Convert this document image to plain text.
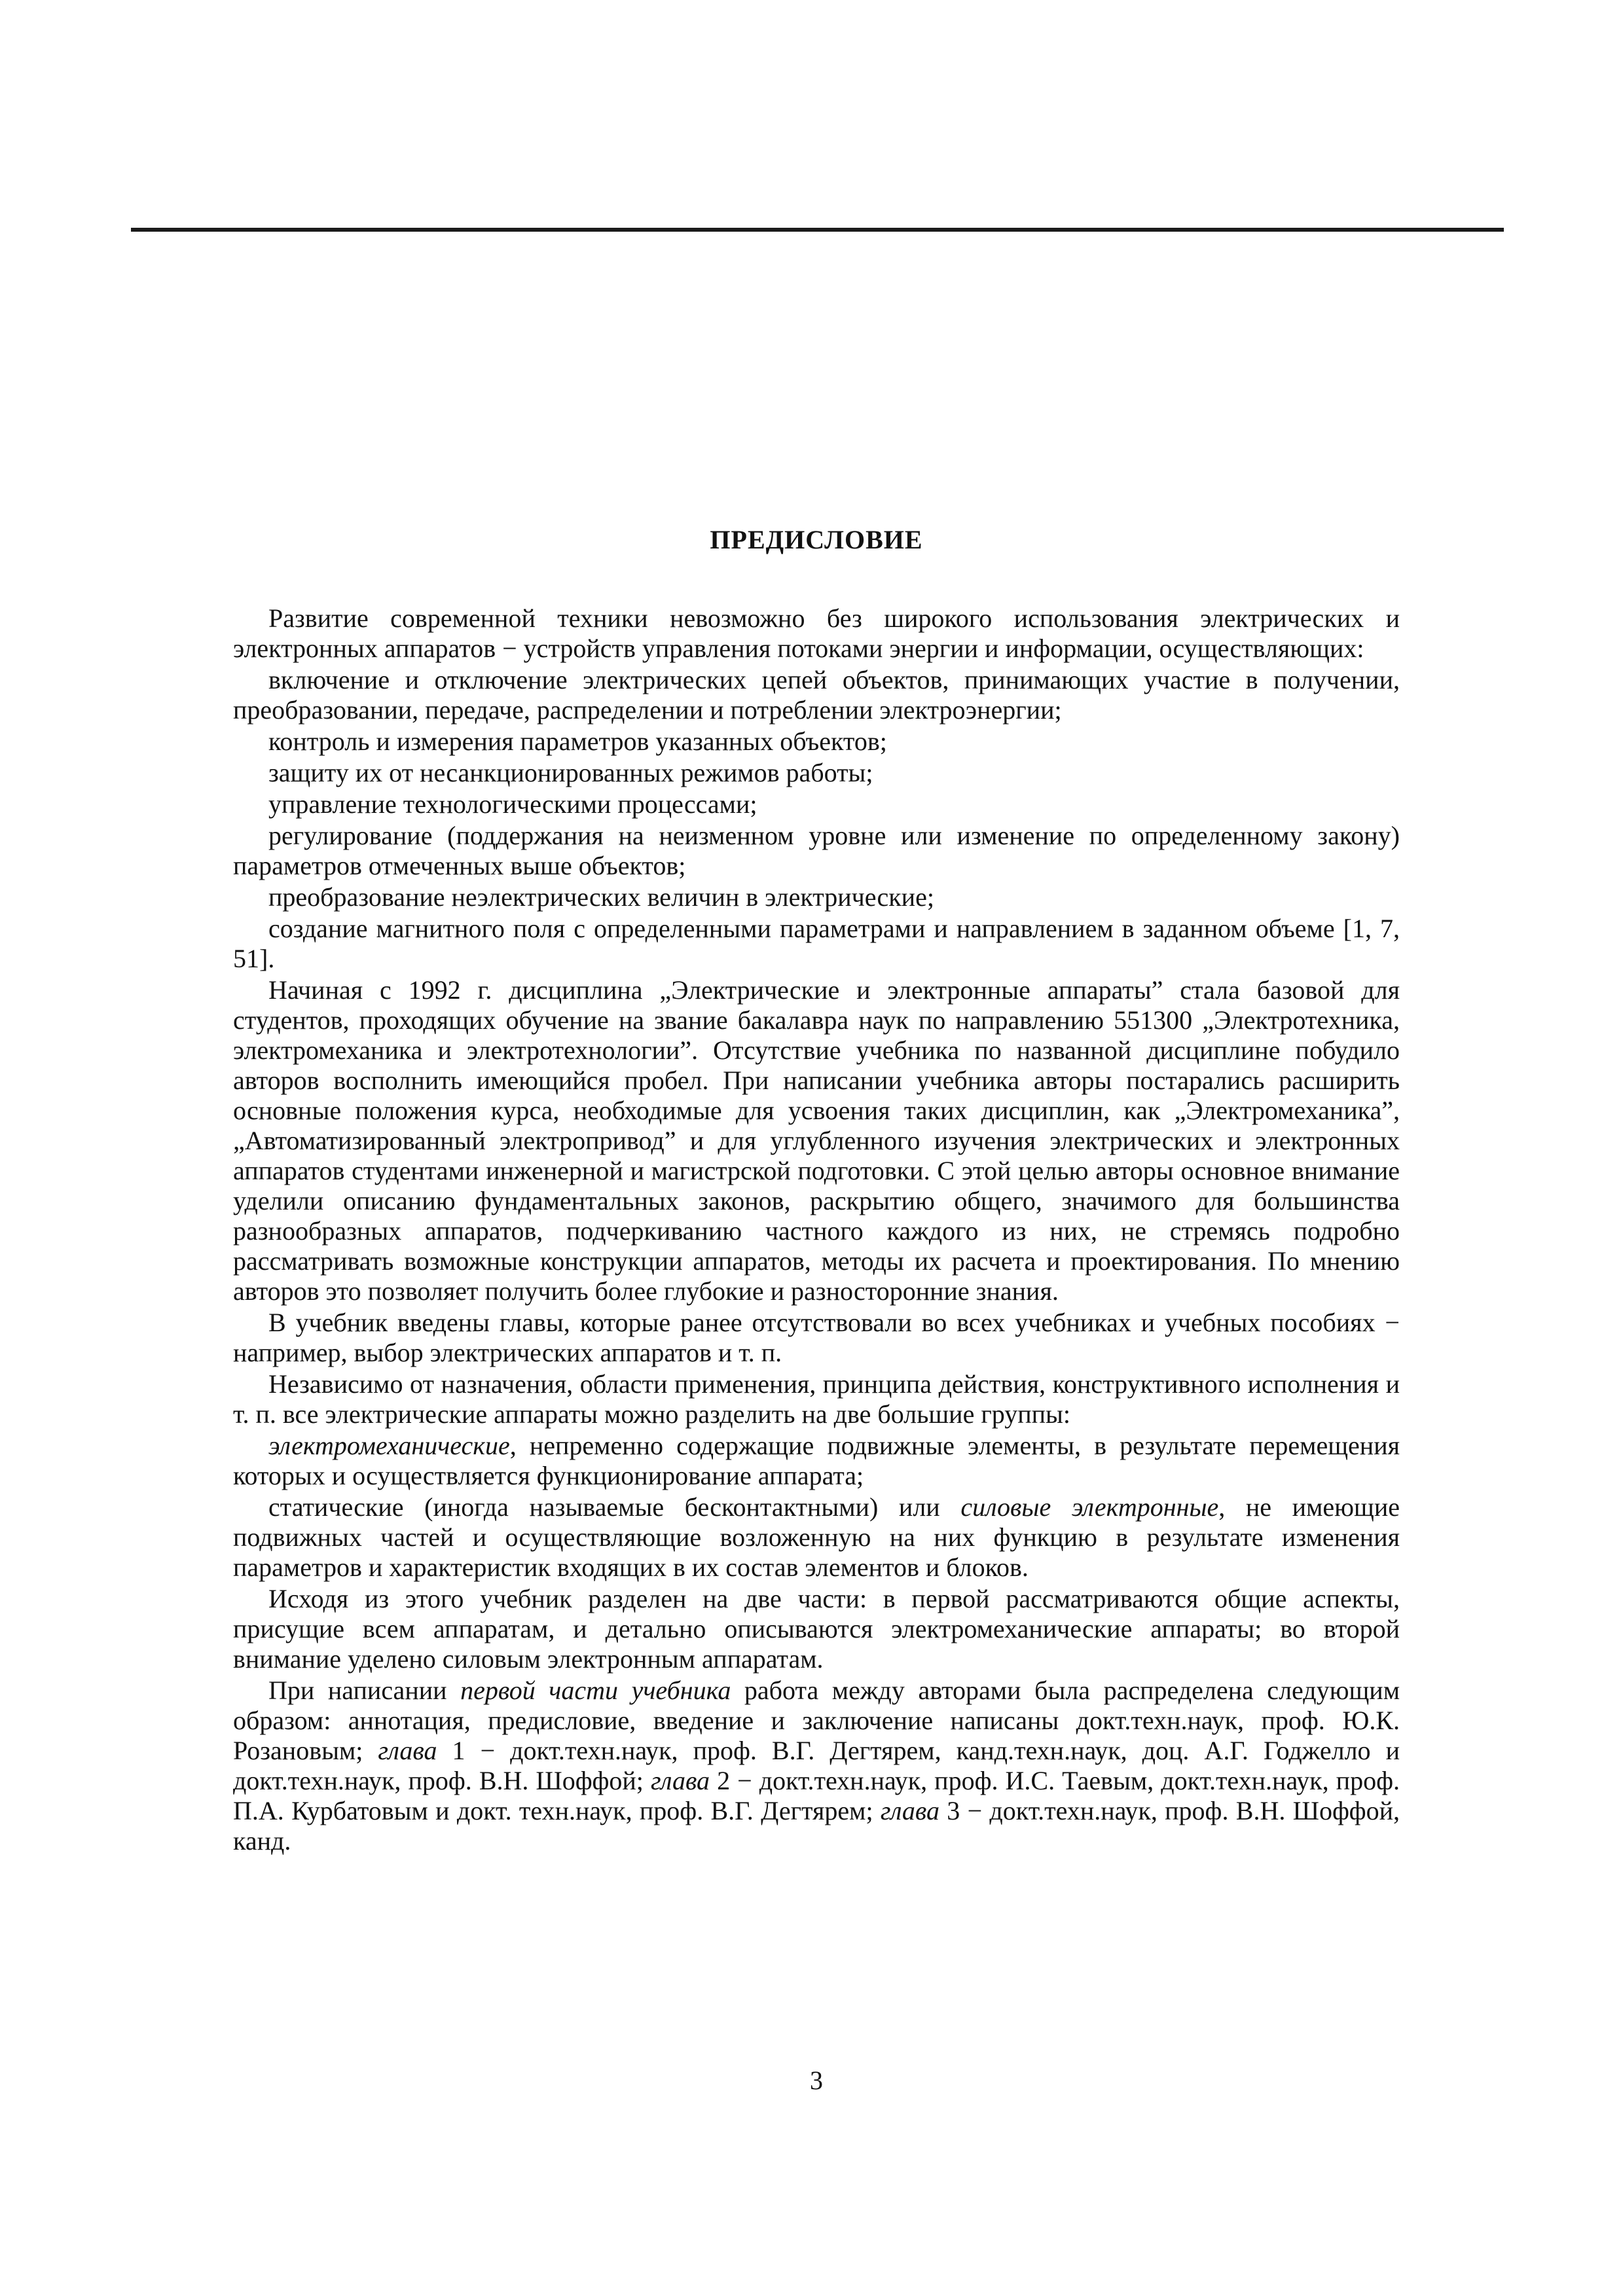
ПРЕДИСЛОВИЕ

Развитие современной техники невозможно без широкого использования электрических и электронных аппаратов − устройств управления потоками энергии и информации, осуществляющих:

включение и отключение электрических цепей объектов, принимающих участие в получении, преобразовании, передаче, распределении и потреблении электроэнергии;

контроль и измерения параметров указанных объектов;

защиту их от несанкционированных режимов работы;

управление технологическими процессами;

регулирование (поддержания на неизменном уровне или изменение по определенному закону) параметров отмеченных выше объектов;

преобразование неэлектрических величин в электрические;

создание магнитного поля с определенными параметрами и направлением в заданном объеме [1, 7, 51].

Начиная с 1992 г. дисциплина „Электрические и электронные аппараты” стала базовой для студентов, проходящих обучение на звание бакалавра наук по направлению 551300 „Электротехника, электромеханика и электротехнологии”. Отсутствие учебника по названной дисциплине побудило авторов восполнить имеющийся пробел. При написании учебника авторы постарались расширить основные положения курса, необходимые для усвоения таких дисциплин, как „Электромеханика”, „Автоматизированный электропривод” и для углубленного изучения электрических и электронных аппаратов студентами инженерной и магистрской подготовки. С этой целью авторы основное внимание уделили описанию фундаментальных законов, раскрытию общего, значимого для большинства разнообразных аппаратов, подчеркиванию частного каждого из них, не стремясь подробно рассматривать возможные конструкции аппаратов, методы их расчета и проектирования. По мнению авторов это позволяет получить более глубокие и разносторонние знания.

В учебник введены главы, которые ранее отсутствовали во всех учебниках и учебных пособиях − например, выбор электрических аппаратов и т. п.

Независимо от назначения, области применения, принципа действия, конструктивного исполнения и т. п. все электрические аппараты можно разделить на две большие группы:

электромеханические, непременно содержащие подвижные элементы, в результате перемещения которых и осуществляется функционирование аппарата;

статические (иногда называемые бесконтактными) или силовые электронные, не имеющие подвижных частей и осуществляющие возложенную на них функцию в результате изменения параметров и характеристик входящих в их состав элементов и блоков.

Исходя из этого учебник разделен на две части: в первой рассматриваются общие аспекты, присущие всем аппаратам, и детально описываются электромеханические аппараты; во второй внимание уделено силовым электронным аппаратам.

При написании первой части учебника работа между авторами была распределена следующим образом: аннотация, предисловие, введение и заключение написаны докт.техн.наук, проф. Ю.К. Розановым; глава 1 − докт.техн.наук, проф. В.Г. Дегтярем, канд.техн.наук, доц. А.Г. Годжелло и докт.техн.наук, проф. В.Н. Шоффой; глава 2 − докт.техн.наук, проф. И.С. Таевым, докт.техн.наук, проф. П.А. Курбатовым и докт. техн.наук, проф. В.Г. Дегтярем; глава 3 − докт.техн.наук, проф. В.Н. Шоффой, канд.

3
